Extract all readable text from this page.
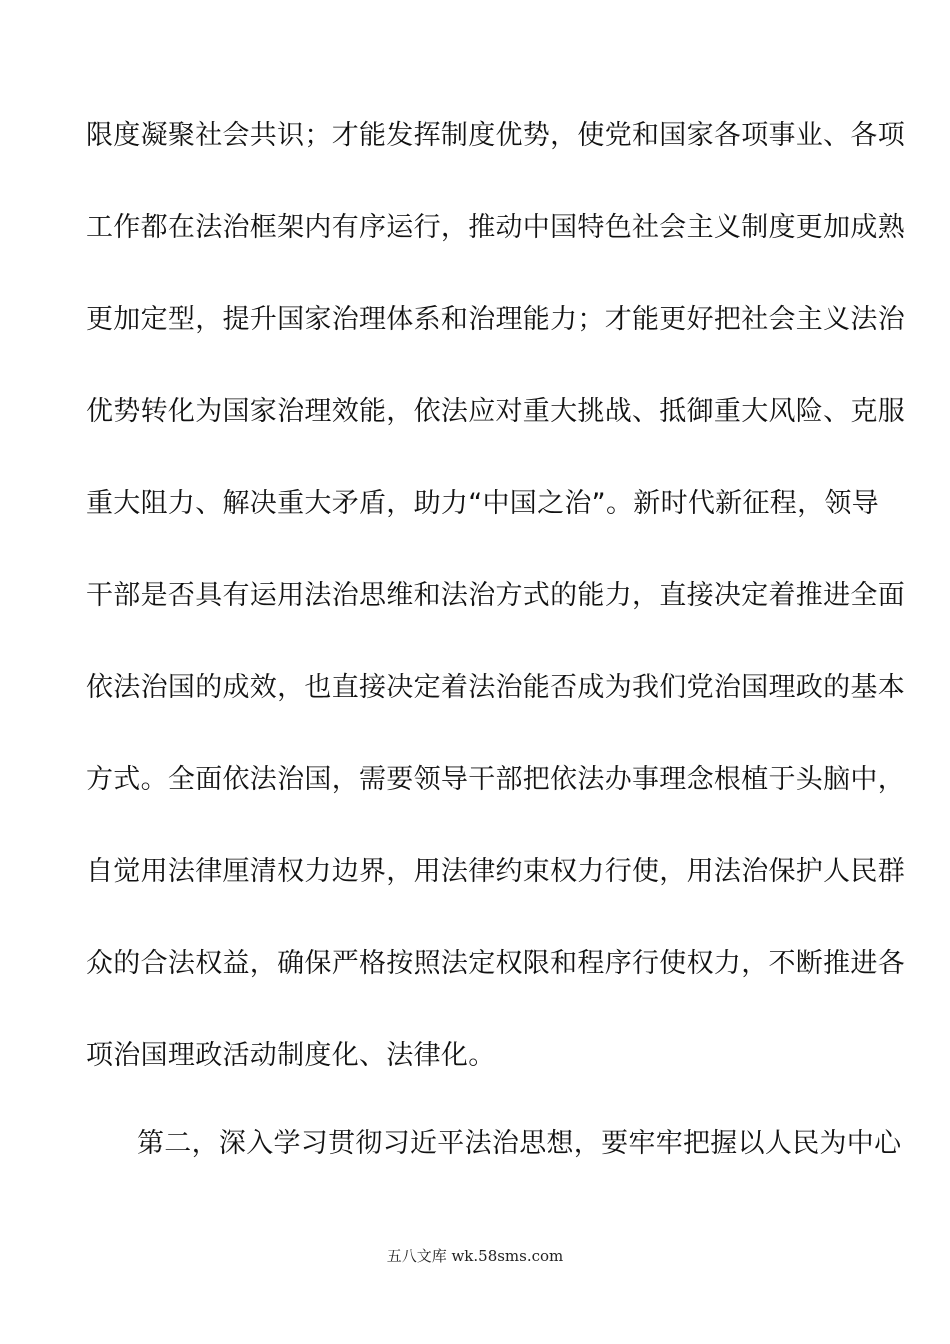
限度凝聚社会共识；才能发挥制度优势，使党和国家各项事业、各项
工作都在法治框架内有序运行，推动中国特色社会主义制度更加成熟
更加定型，提升国家治理体系和治理能力；才能更好把社会主义法治
优势转化为国家治理效能，依法应对重大挑战、抵御重大风险、克服
重大阻力、解决重大矛盾，助力“中国之治”。新时代新征程，领导
干部是否具有运用法治思维和法治方式的能力，直接决定着推进全面
依法治国的成效，也直接决定着法治能否成为我们党治国理政的基本
方式。全面依法治国，需要领导干部把依法办事理念根植于头脑中，
自觉用法律厘清权力边界，用法律约束权力行使，用法治保护人民群
众的合法权益，确保严格按照法定权限和程序行使权力，不断推进各
项治国理政活动制度化、法律化。
第二，深入学习贯彻习近平法治思想，要牢牢把握以人民为中心
五八文库 wk.58sms.com
